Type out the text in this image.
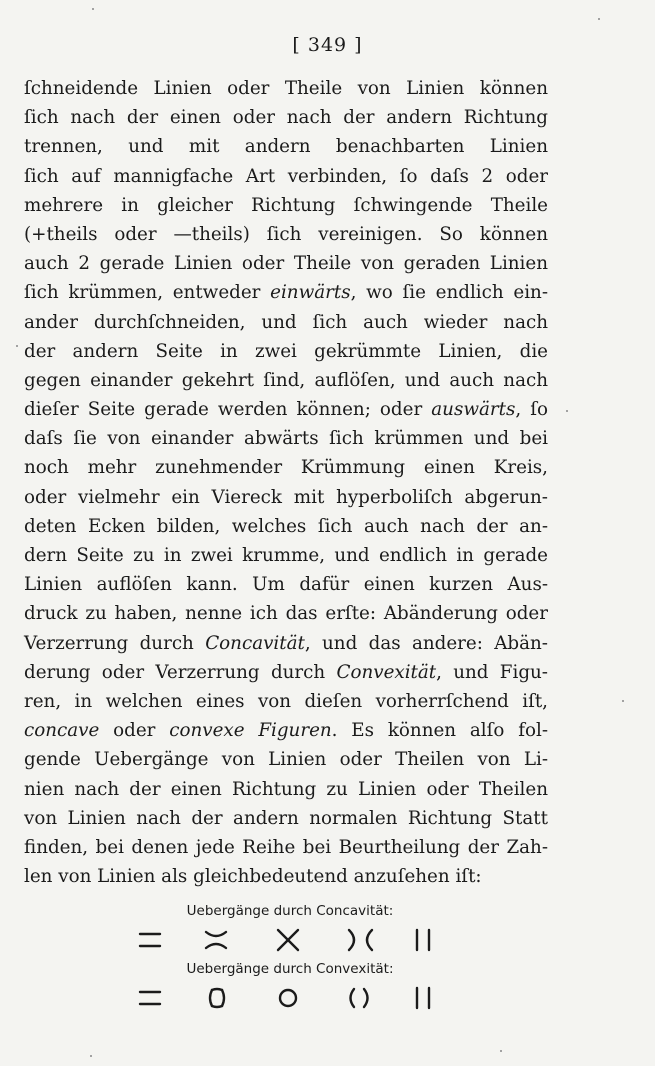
[ 349 ]
ſchneidende Linien oder Theile von Linien können
ſich nach der einen oder nach der andern Richtung
trennen, und mit andern benachbarten Linien
ſich auf mannigfache Art verbinden, ſo daſs 2 oder
mehrere in gleicher Richtung ſchwingende Theile
(+theils oder —theils) ſich vereinigen. So können
auch 2 gerade Linien oder Theile von geraden Linien
ſich krümmen, entweder einwärts, wo ſie endlich ein-
ander durchſchneiden, und ſich auch wieder nach
der andern Seite in zwei gekrümmte Linien, die
gegen einander gekehrt ſind, auflöſen, und auch nach
dieſer Seite gerade werden können; oder auswärts, ſo
daſs ſie von einander abwärts ſich krümmen und bei
noch mehr zunehmender Krümmung einen Kreis,
oder vielmehr ein Viereck mit hyperboliſch abgerun-
deten Ecken bilden, welches ſich auch nach der an-
dern Seite zu in zwei krumme, und endlich in gerade
Linien auflöſen kann. Um dafür einen kurzen Aus-
druck zu haben, nenne ich das erſte: Abänderung oder
Verzerrung durch Concavität, und das andere: Abän-
derung oder Verzerrung durch Convexität, und Figu-
ren, in welchen eines von dieſen vorherrſchend iſt,
concave oder convexe Figuren. Es können alſo fol-
gende Uebergänge von Linien oder Theilen von Li-
nien nach der einen Richtung zu Linien oder Theilen
von Linien nach der andern normalen Richtung Statt
finden, bei denen jede Reihe bei Beurtheilung der Zah-
len von Linien als gleichbedeutend anzuſehen iſt:
Uebergänge durch Concavität:
Uebergänge durch Convexität:
